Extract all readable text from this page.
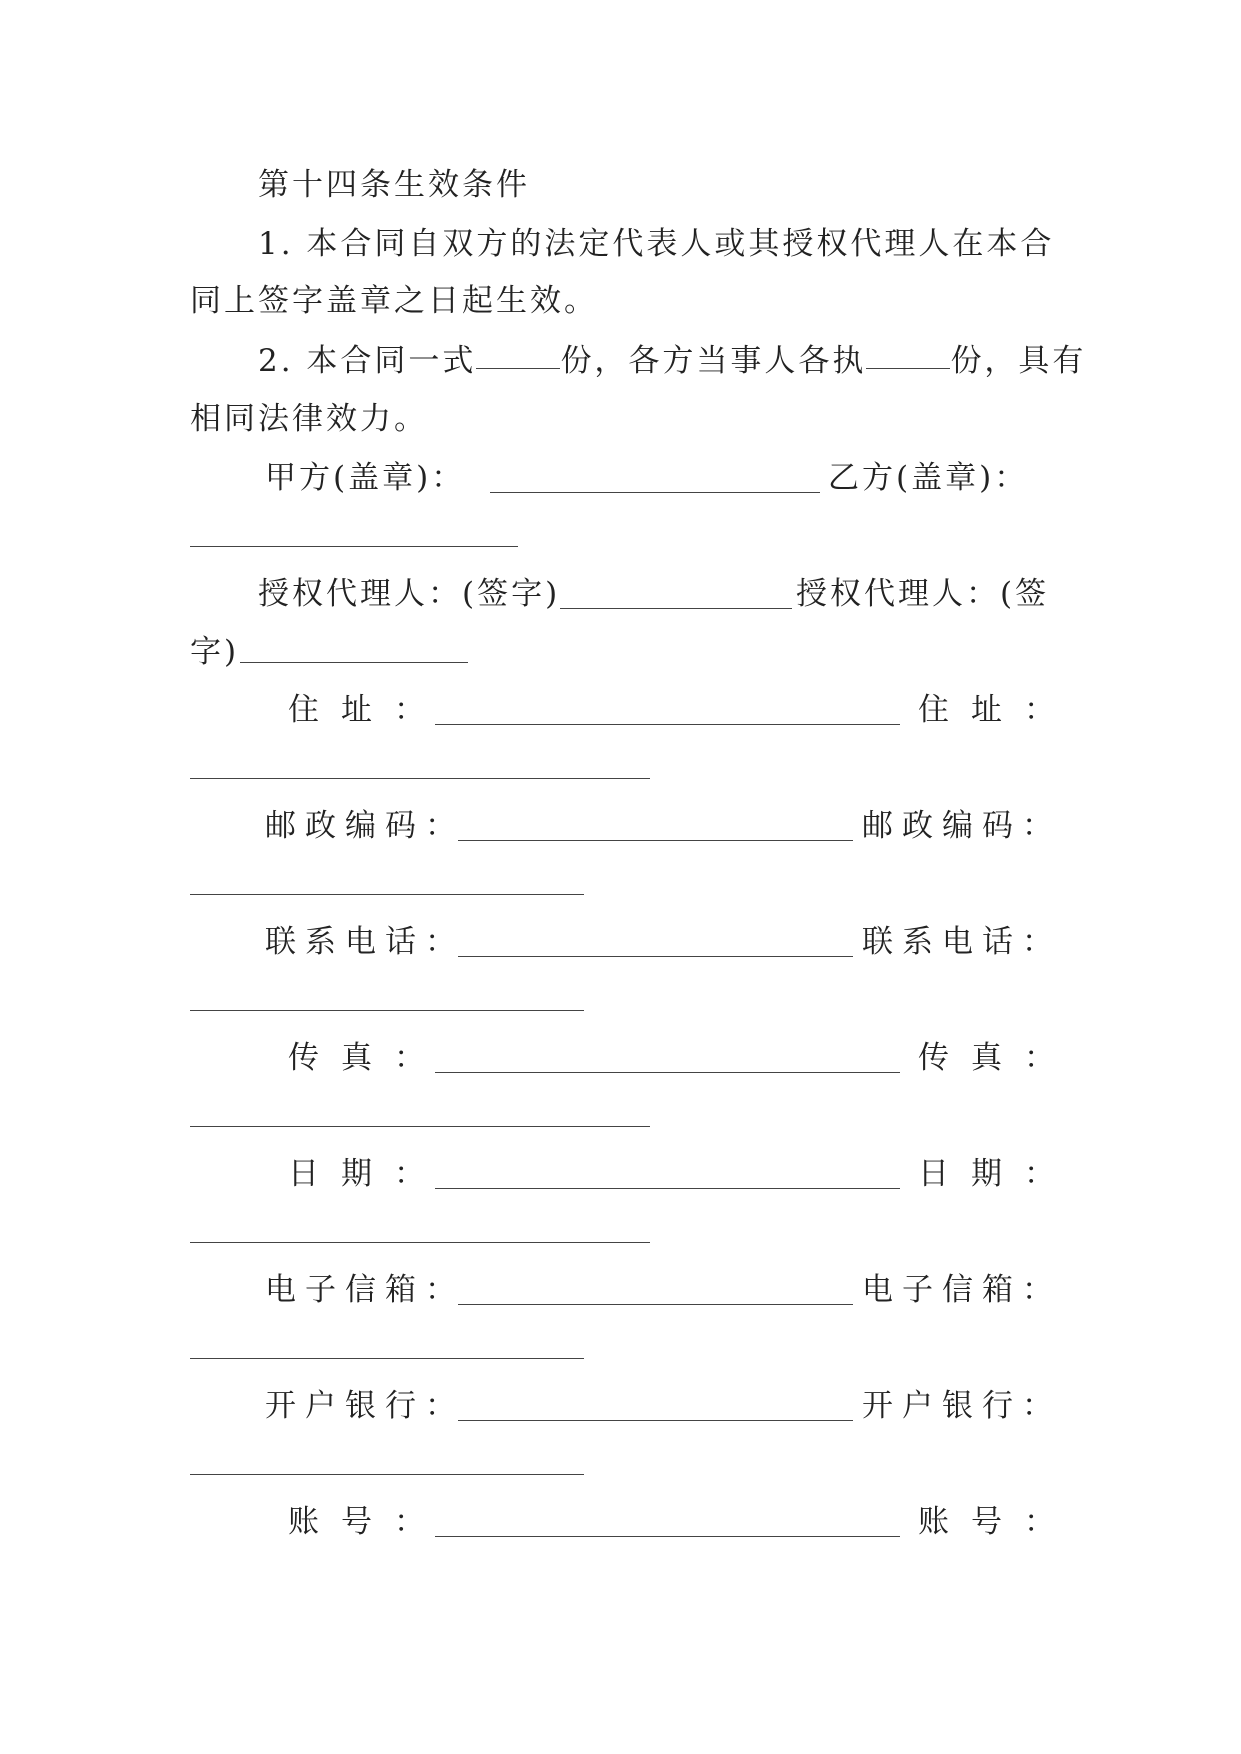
第十四条生效条件
1. 本合同自双方的法定代表人或其授权代理人在本合
同上签字盖章之日起生效。
2. 本合同一式	份，各方当事人各执	份，具有
相同法律效力。
甲方(盖章)：	乙方(盖章)：
授权代理人：(签字)	授权代理人：(签
字)
住址：	住址：
邮政编码：	邮政编码：
联系电话：	联系电话：
传真：	传真：
日期：	日期：
电子信箱：	电子信箱：
开户银行：	开户银行：
账号：	账号：
